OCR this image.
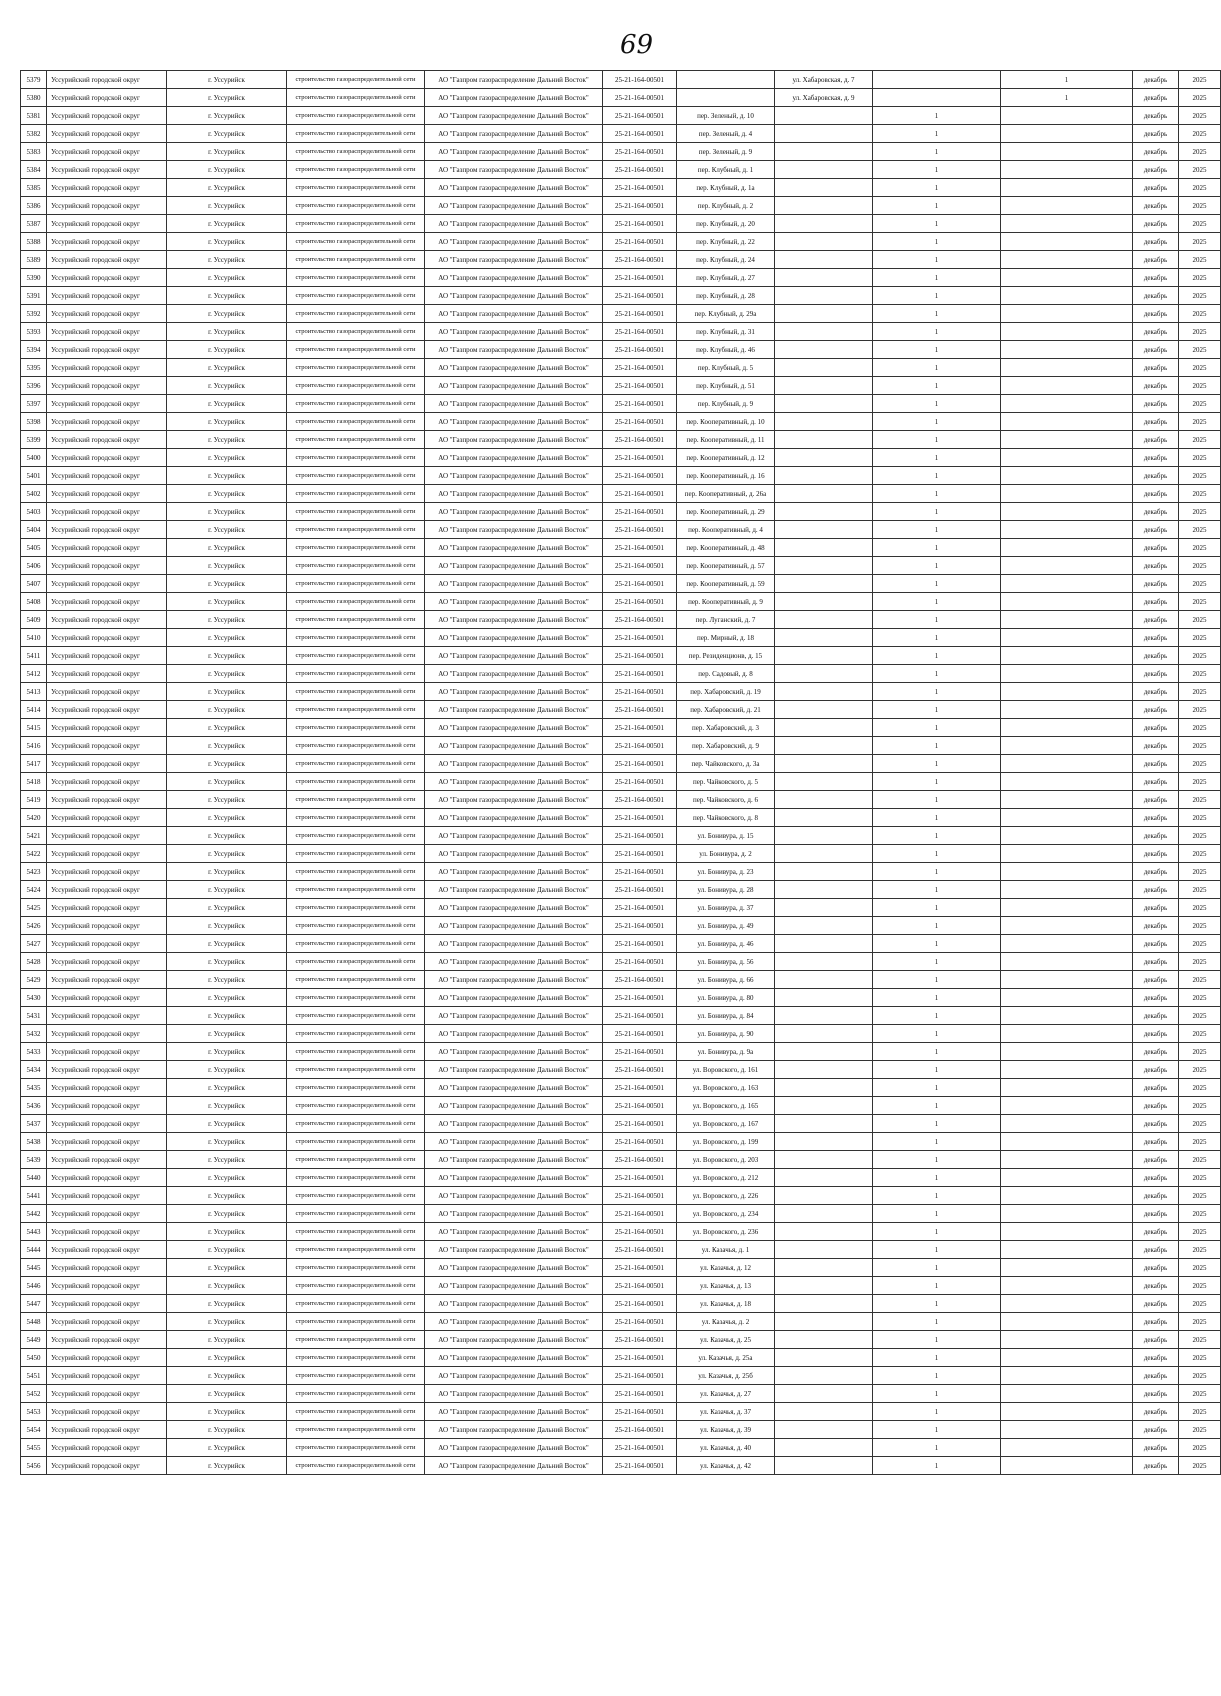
69
5379	Уссурийский городской округ	г. Уссурийск	строительство газораспределительной сети	АО "Газпром газораспределение Дальний Восток"	25-21-164-00501		ул. Хабаровская, д. 7		1	декабрь	2025
5380	Уссурийский городской округ	г. Уссурийск	строительство газораспределительной сети	АО "Газпром газораспределение Дальний Восток"	25-21-164-00501		ул. Хабаровская, д. 9		1	декабрь	2025
5381	Уссурийский городской округ	г. Уссурийск	строительство газораспределительной сети	АО "Газпром газораспределение Дальний Восток"	25-21-164-00501	пер. Зеленый, д. 10		1		декабрь	2025
5382	Уссурийский городской округ	г. Уссурийск	строительство газораспределительной сети	АО "Газпром газораспределение Дальний Восток"	25-21-164-00501	пер. Зеленый, д. 4		1		декабрь	2025
5383	Уссурийский городской округ	г. Уссурийск	строительство газораспределительной сети	АО "Газпром газораспределение Дальний Восток"	25-21-164-00501	пер. Зеленый, д. 9		1		декабрь	2025
5384	Уссурийский городской округ	г. Уссурийск	строительство газораспределительной сети	АО "Газпром газораспределение Дальний Восток"	25-21-164-00501	пер. Клубный, д. 1		1		декабрь	2025
5385	Уссурийский городской округ	г. Уссурийск	строительство газораспределительной сети	АО "Газпром газораспределение Дальний Восток"	25-21-164-00501	пер. Клубный, д. 1а		1		декабрь	2025
5386	Уссурийский городской округ	г. Уссурийск	строительство газораспределительной сети	АО "Газпром газораспределение Дальний Восток"	25-21-164-00501	пер. Клубный, д. 2		1		декабрь	2025
5387	Уссурийский городской округ	г. Уссурийск	строительство газораспределительной сети	АО "Газпром газораспределение Дальний Восток"	25-21-164-00501	пер. Клубный, д. 20		1		декабрь	2025
5388	Уссурийский городской округ	г. Уссурийск	строительство газораспределительной сети	АО "Газпром газораспределение Дальний Восток"	25-21-164-00501	пер. Клубный, д. 22		1		декабрь	2025
5389	Уссурийский городской округ	г. Уссурийск	строительство газораспределительной сети	АО "Газпром газораспределение Дальний Восток"	25-21-164-00501	пер. Клубный, д. 24		1		декабрь	2025
5390	Уссурийский городской округ	г. Уссурийск	строительство газораспределительной сети	АО "Газпром газораспределение Дальний Восток"	25-21-164-00501	пер. Клубный, д. 27		1		декабрь	2025
5391	Уссурийский городской округ	г. Уссурийск	строительство газораспределительной сети	АО "Газпром газораспределение Дальний Восток"	25-21-164-00501	пер. Клубный, д. 28		1		декабрь	2025
5392	Уссурийский городской округ	г. Уссурийск	строительство газораспределительной сети	АО "Газпром газораспределение Дальний Восток"	25-21-164-00501	пер. Клубный, д. 29а		1		декабрь	2025
5393	Уссурийский городской округ	г. Уссурийск	строительство газораспределительной сети	АО "Газпром газораспределение Дальний Восток"	25-21-164-00501	пер. Клубный, д. 31		1		декабрь	2025
5394	Уссурийский городской округ	г. Уссурийск	строительство газораспределительной сети	АО "Газпром газораспределение Дальний Восток"	25-21-164-00501	пер. Клубный, д. 46		1		декабрь	2025
5395	Уссурийский городской округ	г. Уссурийск	строительство газораспределительной сети	АО "Газпром газораспределение Дальний Восток"	25-21-164-00501	пер. Клубный, д. 5		1		декабрь	2025
5396	Уссурийский городской округ	г. Уссурийск	строительство газораспределительной сети	АО "Газпром газораспределение Дальний Восток"	25-21-164-00501	пер. Клубный, д. 51		1		декабрь	2025
5397	Уссурийский городской округ	г. Уссурийск	строительство газораспределительной сети	АО "Газпром газораспределение Дальний Восток"	25-21-164-00501	пер. Клубный, д. 9		1		декабрь	2025
5398	Уссурийский городской округ	г. Уссурийск	строительство газораспределительной сети	АО "Газпром газораспределение Дальний Восток"	25-21-164-00501	пер. Кооперативный, д. 10		1		декабрь	2025
5399	Уссурийский городской округ	г. Уссурийск	строительство газораспределительной сети	АО "Газпром газораспределение Дальний Восток"	25-21-164-00501	пер. Кооперативный, д. 11		1		декабрь	2025
5400	Уссурийский городской округ	г. Уссурийск	строительство газораспределительной сети	АО "Газпром газораспределение Дальний Восток"	25-21-164-00501	пер. Кооперативный, д. 12		1		декабрь	2025
5401	Уссурийский городской округ	г. Уссурийск	строительство газораспределительной сети	АО "Газпром газораспределение Дальний Восток"	25-21-164-00501	пер. Кооперативный, д. 16		1		декабрь	2025
5402	Уссурийский городской округ	г. Уссурийск	строительство газораспределительной сети	АО "Газпром газораспределение Дальний Восток"	25-21-164-00501	пер. Кооперативный, д. 26а		1		декабрь	2025
5403	Уссурийский городской округ	г. Уссурийск	строительство газораспределительной сети	АО "Газпром газораспределение Дальний Восток"	25-21-164-00501	пер. Кооперативный, д. 29		1		декабрь	2025
5404	Уссурийский городской округ	г. Уссурийск	строительство газораспределительной сети	АО "Газпром газораспределение Дальний Восток"	25-21-164-00501	пер. Кооперативный, д. 4		1		декабрь	2025
5405	Уссурийский городской округ	г. Уссурийск	строительство газораспределительной сети	АО "Газпром газораспределение Дальний Восток"	25-21-164-00501	пер. Кооперативный, д. 48		1		декабрь	2025
5406	Уссурийский городской округ	г. Уссурийск	строительство газораспределительной сети	АО "Газпром газораспределение Дальний Восток"	25-21-164-00501	пер. Кооперативный, д. 57		1		декабрь	2025
5407	Уссурийский городской округ	г. Уссурийск	строительство газораспределительной сети	АО "Газпром газораспределение Дальний Восток"	25-21-164-00501	пер. Кооперативный, д. 59		1		декабрь	2025
5408	Уссурийский городской округ	г. Уссурийск	строительство газораспределительной сети	АО "Газпром газораспределение Дальний Восток"	25-21-164-00501	пер. Кооперативный, д. 9		1		декабрь	2025
5409	Уссурийский городской округ	г. Уссурийск	строительство газораспределительной сети	АО "Газпром газораспределение Дальний Восток"	25-21-164-00501	пер. Луганский, д. 7		1		декабрь	2025
5410	Уссурийский городской округ	г. Уссурийск	строительство газораспределительной сети	АО "Газпром газораспределение Дальний Восток"	25-21-164-00501	пер. Мирный, д. 18		1		декабрь	2025
5411	Уссурийский городской округ	г. Уссурийск	строительство газораспределительной сети	АО "Газпром газораспределение Дальний Восток"	25-21-164-00501	пер. Резиденционв, д. 15		1		декабрь	2025
5412	Уссурийский городской округ	г. Уссурийск	строительство газораспределительной сети	АО "Газпром газораспределение Дальний Восток"	25-21-164-00501	пер. Садовый, д. 8		1		декабрь	2025
5413	Уссурийский городской округ	г. Уссурийск	строительство газораспределительной сети	АО "Газпром газораспределение Дальний Восток"	25-21-164-00501	пер. Хабаровский, д. 19		1		декабрь	2025
5414	Уссурийский городской округ	г. Уссурийск	строительство газораспределительной сети	АО "Газпром газораспределение Дальний Восток"	25-21-164-00501	пер. Хабаровский, д. 21		1		декабрь	2025
5415	Уссурийский городской округ	г. Уссурийск	строительство газораспределительной сети	АО "Газпром газораспределение Дальний Восток"	25-21-164-00501	пер. Хабаровский, д. 3		1		декабрь	2025
5416	Уссурийский городской округ	г. Уссурийск	строительство газораспределительной сети	АО "Газпром газораспределение Дальний Восток"	25-21-164-00501	пер. Хабаровский, д. 9		1		декабрь	2025
5417	Уссурийский городской округ	г. Уссурийск	строительство газораспределительной сети	АО "Газпром газораспределение Дальний Восток"	25-21-164-00501	пер. Чайковского, д. 3а		1		декабрь	2025
5418	Уссурийский городской округ	г. Уссурийск	строительство газораспределительной сети	АО "Газпром газораспределение Дальний Восток"	25-21-164-00501	пер. Чайковского, д. 5		1		декабрь	2025
5419	Уссурийский городской округ	г. Уссурийск	строительство газораспределительной сети	АО "Газпром газораспределение Дальний Восток"	25-21-164-00501	пер. Чайковского, д. 6		1		декабрь	2025
5420	Уссурийский городской округ	г. Уссурийск	строительство газораспределительной сети	АО "Газпром газораспределение Дальний Восток"	25-21-164-00501	пер. Чайковского, д. 8		1		декабрь	2025
5421	Уссурийский городской округ	г. Уссурийск	строительство газораспределительной сети	АО "Газпром газораспределение Дальний Восток"	25-21-164-00501	ул. Бонивура, д. 15		1		декабрь	2025
5422	Уссурийский городской округ	г. Уссурийск	строительство газораспределительной сети	АО "Газпром газораспределение Дальний Восток"	25-21-164-00501	ул. Бонивура, д. 2		1		декабрь	2025
5423	Уссурийский городской округ	г. Уссурийск	строительство газораспределительной сети	АО "Газпром газораспределение Дальний Восток"	25-21-164-00501	ул. Бонивура, д. 23		1		декабрь	2025
5424	Уссурийский городской округ	г. Уссурийск	строительство газораспределительной сети	АО "Газпром газораспределение Дальний Восток"	25-21-164-00501	ул. Бонивура, д. 28		1		декабрь	2025
5425	Уссурийский городской округ	г. Уссурийск	строительство газораспределительной сети	АО "Газпром газораспределение Дальний Восток"	25-21-164-00501	ул. Бонивура, д. 37		1		декабрь	2025
5426	Уссурийский городской округ	г. Уссурийск	строительство газораспределительной сети	АО "Газпром газораспределение Дальний Восток"	25-21-164-00501	ул. Бонивура, д. 49		1		декабрь	2025
5427	Уссурийский городской округ	г. Уссурийск	строительство газораспределительной сети	АО "Газпром газораспределение Дальний Восток"	25-21-164-00501	ул. Бонивура, д. 46		1		декабрь	2025
5428	Уссурийский городской округ	г. Уссурийск	строительство газораспределительной сети	АО "Газпром газораспределение Дальний Восток"	25-21-164-00501	ул. Бонивура, д. 56		1		декабрь	2025
5429	Уссурийский городской округ	г. Уссурийск	строительство газораспределительной сети	АО "Газпром газораспределение Дальний Восток"	25-21-164-00501	ул. Бонивура, д. 66		1		декабрь	2025
5430	Уссурийский городской округ	г. Уссурийск	строительство газораспределительной сети	АО "Газпром газораспределение Дальний Восток"	25-21-164-00501	ул. Бонивура, д. 80		1		декабрь	2025
5431	Уссурийский городской округ	г. Уссурийск	строительство газораспределительной сети	АО "Газпром газораспределение Дальний Восток"	25-21-164-00501	ул. Бонивура, д. 84		1		декабрь	2025
5432	Уссурийский городской округ	г. Уссурийск	строительство газораспределительной сети	АО "Газпром газораспределение Дальний Восток"	25-21-164-00501	ул. Бонивура, д. 90		1		декабрь	2025
5433	Уссурийский городской округ	г. Уссурийск	строительство газораспределительной сети	АО "Газпром газораспределение Дальний Восток"	25-21-164-00501	ул. Бонивура, д. 9а		1		декабрь	2025
5434	Уссурийский городской округ	г. Уссурийск	строительство газораспределительной сети	АО "Газпром газораспределение Дальний Восток"	25-21-164-00501	ул. Воровского, д. 161		1		декабрь	2025
5435	Уссурийский городской округ	г. Уссурийск	строительство газораспределительной сети	АО "Газпром газораспределение Дальний Восток"	25-21-164-00501	ул. Воровского, д. 163		1		декабрь	2025
5436	Уссурийский городской округ	г. Уссурийск	строительство газораспределительной сети	АО "Газпром газораспределение Дальний Восток"	25-21-164-00501	ул. Воровского, д. 165		1		декабрь	2025
5437	Уссурийский городской округ	г. Уссурийск	строительство газораспределительной сети	АО "Газпром газораспределение Дальний Восток"	25-21-164-00501	ул. Воровского, д. 167		1		декабрь	2025
5438	Уссурийский городской округ	г. Уссурийск	строительство газораспределительной сети	АО "Газпром газораспределение Дальний Восток"	25-21-164-00501	ул. Воровского, д. 199		1		декабрь	2025
5439	Уссурийский городской округ	г. Уссурийск	строительство газораспределительной сети	АО "Газпром газораспределение Дальний Восток"	25-21-164-00501	ул. Воровского, д. 203		1		декабрь	2025
5440	Уссурийский городской округ	г. Уссурийск	строительство газораспределительной сети	АО "Газпром газораспределение Дальний Восток"	25-21-164-00501	ул. Воровского, д. 212		1		декабрь	2025
5441	Уссурийский городской округ	г. Уссурийск	строительство газораспределительной сети	АО "Газпром газораспределение Дальний Восток"	25-21-164-00501	ул. Воровского, д. 226		1		декабрь	2025
5442	Уссурийский городской округ	г. Уссурийск	строительство газораспределительной сети	АО "Газпром газораспределение Дальний Восток"	25-21-164-00501	ул. Воровского, д. 234		1		декабрь	2025
5443	Уссурийский городской округ	г. Уссурийск	строительство газораспределительной сети	АО "Газпром газораспределение Дальний Восток"	25-21-164-00501	ул. Воровского, д. 236		1		декабрь	2025
5444	Уссурийский городской округ	г. Уссурийск	строительство газораспределительной сети	АО "Газпром газораспределение Дальний Восток"	25-21-164-00501	ул. Казачья, д. 1		1		декабрь	2025
5445	Уссурийский городской округ	г. Уссурийск	строительство газораспределительной сети	АО "Газпром газораспределение Дальний Восток"	25-21-164-00501	ул. Казачья, д. 12		1		декабрь	2025
5446	Уссурийский городской округ	г. Уссурийск	строительство газораспределительной сети	АО "Газпром газораспределение Дальний Восток"	25-21-164-00501	ул. Казачья, д. 13		1		декабрь	2025
5447	Уссурийский городской округ	г. Уссурийск	строительство газораспределительной сети	АО "Газпром газораспределение Дальний Восток"	25-21-164-00501	ул. Казачья, д. 18		1		декабрь	2025
5448	Уссурийский городской округ	г. Уссурийск	строительство газораспределительной сети	АО "Газпром газораспределение Дальний Восток"	25-21-164-00501	ул. Казачья, д. 2		1		декабрь	2025
5449	Уссурийский городской округ	г. Уссурийск	строительство газораспределительной сети	АО "Газпром газораспределение Дальний Восток"	25-21-164-00501	ул. Казачья, д. 25		1		декабрь	2025
5450	Уссурийский городской округ	г. Уссурийск	строительство газораспределительной сети	АО "Газпром газораспределение Дальний Восток"	25-21-164-00501	ул. Казачья, д. 25а		1		декабрь	2025
5451	Уссурийский городской округ	г. Уссурийск	строительство газораспределительной сети	АО "Газпром газораспределение Дальний Восток"	25-21-164-00501	ул. Казачья, д. 25б		1		декабрь	2025
5452	Уссурийский городской округ	г. Уссурийск	строительство газораспределительной сети	АО "Газпром газораспределение Дальний Восток"	25-21-164-00501	ул. Казачья, д. 27		1		декабрь	2025
5453	Уссурийский городской округ	г. Уссурийск	строительство газораспределительной сети	АО "Газпром газораспределение Дальний Восток"	25-21-164-00501	ул. Казачья, д. 37		1		декабрь	2025
5454	Уссурийский городской округ	г. Уссурийск	строительство газораспределительной сети	АО "Газпром газораспределение Дальний Восток"	25-21-164-00501	ул. Казачья, д. 39		1		декабрь	2025
5455	Уссурийский городской округ	г. Уссурийск	строительство газораспределительной сети	АО "Газпром газораспределение Дальний Восток"	25-21-164-00501	ул. Казачья, д. 40		1		декабрь	2025
5456	Уссурийский городской округ	г. Уссурийск	строительство газораспределительной сети	АО "Газпром газораспределение Дальний Восток"	25-21-164-00501	ул. Казачья, д. 42		1		декабрь	2025
